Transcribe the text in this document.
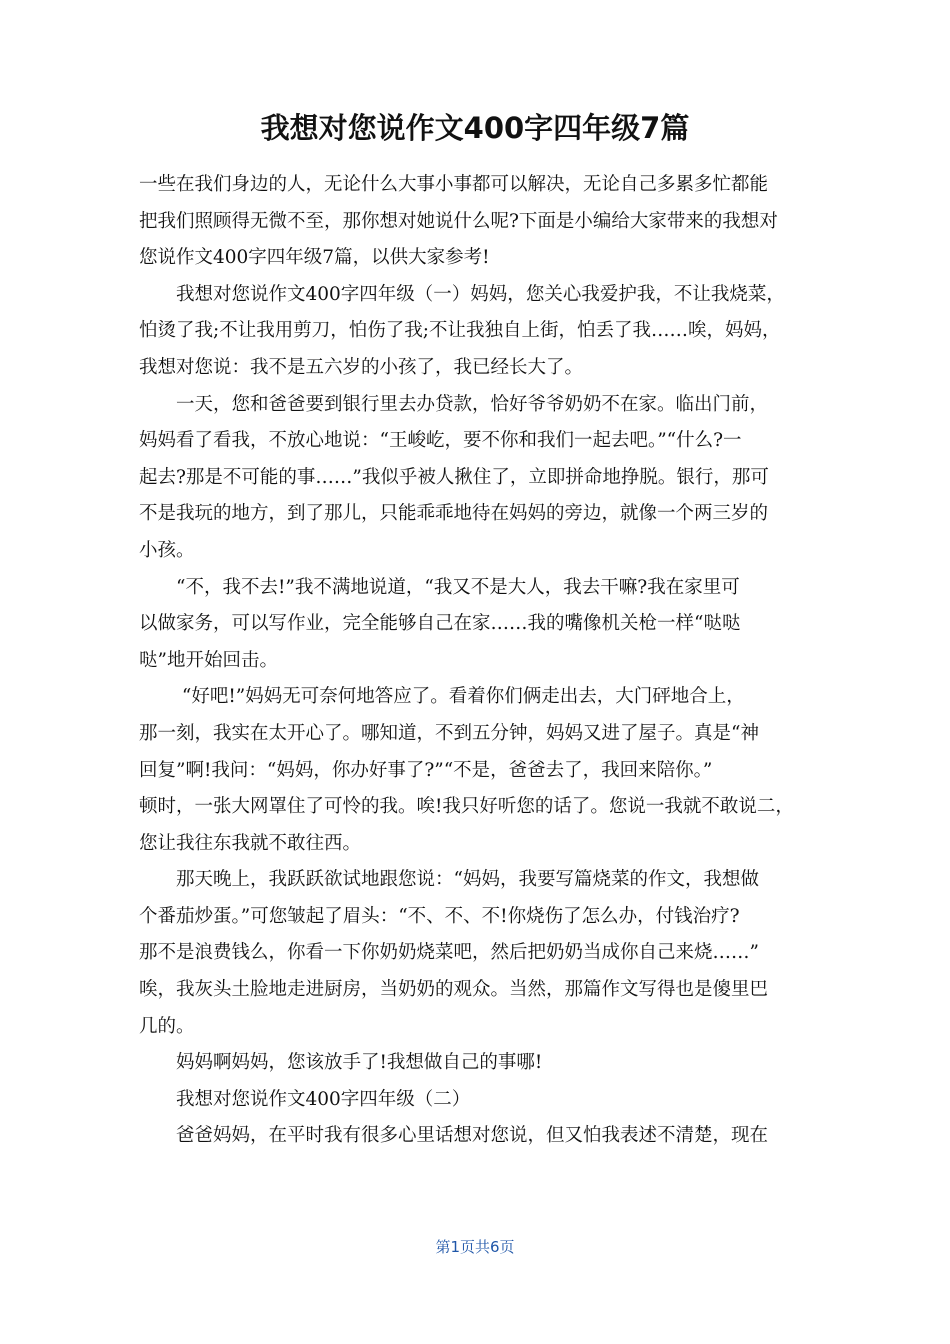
我想对您说作文400字四年级7篇
一些在我们身边的人，无论什么大事小事都可以解决，无论自己多累多忙都能
把我们照顾得无微不至，那你想对她说什么呢?下面是小编给大家带来的我想对
您说作文400字四年级7篇，以供大家参考!
　　我想对您说作文400字四年级（一）妈妈，您关心我爱护我，不让我烧菜，
怕烫了我;不让我用剪刀，怕伤了我;不让我独自上街，怕丢了我……唉，妈妈，
我想对您说：我不是五六岁的小孩了，我已经长大了。
　　一天，您和爸爸要到银行里去办贷款，恰好爷爷奶奶不在家。临出门前，
妈妈看了看我，不放心地说：“王峻屹，要不你和我们一起去吧。”“什么?一
起去?那是不可能的事……”我似乎被人揪住了，立即拼命地挣脱。银行，那可
不是我玩的地方，到了那儿，只能乖乖地待在妈妈的旁边，就像一个两三岁的
小孩。
　　“不，我不去!”我不满地说道，“我又不是大人，我去干嘛?我在家里可
以做家务，可以写作业，完全能够自己在家……我的嘴像机关枪一样“哒哒
哒”地开始回击。
　　 “好吧!”妈妈无可奈何地答应了。看着你们俩走出去，大门砰地合上，
那一刻，我实在太开心了。哪知道，不到五分钟，妈妈又进了屋子。真是“神
回复”啊!我问：“妈妈，你办好事了?”“不是，爸爸去了，我回来陪你。”
顿时，一张大网罩住了可怜的我。唉!我只好听您的话了。您说一我就不敢说二，
您让我往东我就不敢往西。
　　那天晚上，我跃跃欲试地跟您说：“妈妈，我要写篇烧菜的作文，我想做
个番茄炒蛋。”可您皱起了眉头：“不、不、不!你烧伤了怎么办，付钱治疗?
那不是浪费钱么，你看一下你奶奶烧菜吧，然后把奶奶当成你自己来烧……”
唉，我灰头土脸地走进厨房，当奶奶的观众。当然，那篇作文写得也是傻里巴
几的。
　　妈妈啊妈妈，您该放手了!我想做自己的事哪!
　　我想对您说作文400字四年级（二）
　　爸爸妈妈，在平时我有很多心里话想对您说，但又怕我表述不清楚，现在
第1页共6页
